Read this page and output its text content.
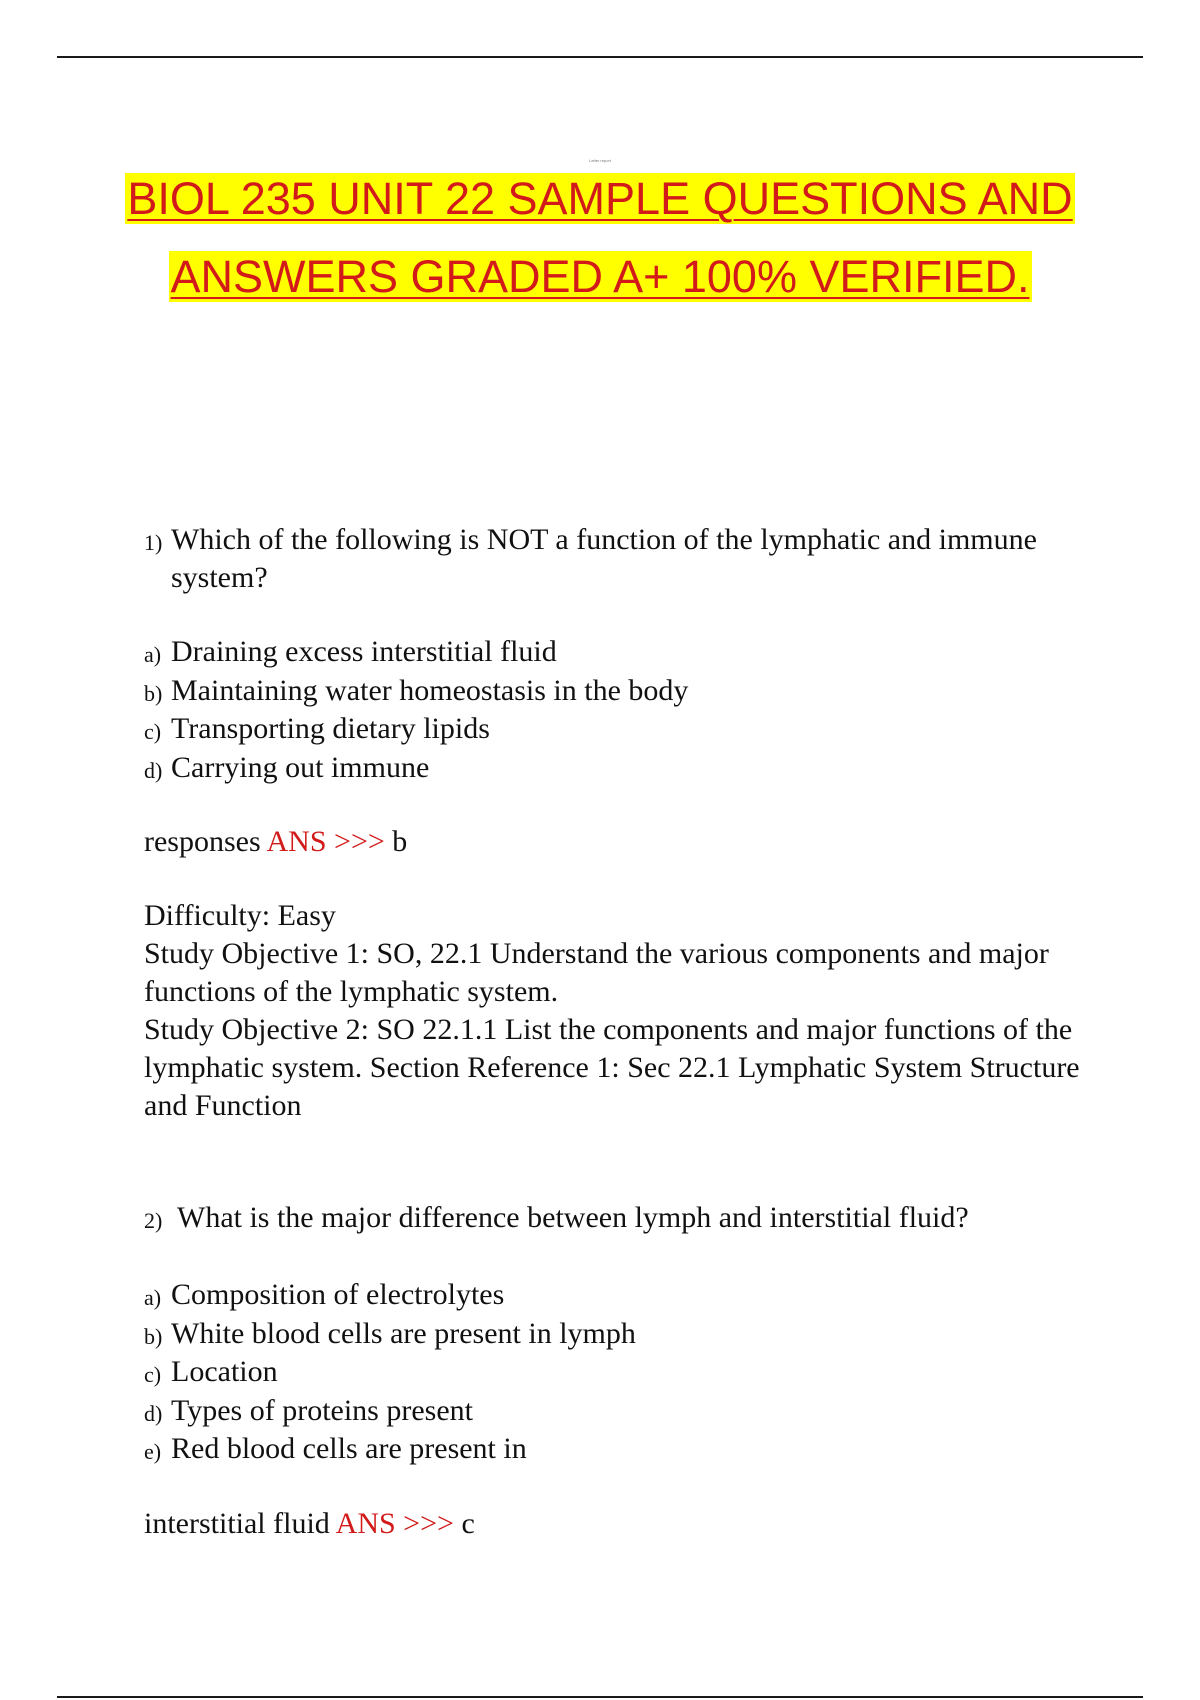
Letter report
BIOL 235 UNIT 22 SAMPLE QUESTIONS AND
ANSWERS GRADED A+ 100% VERIFIED.
1) Which of the following is NOT a function of the lymphatic and immune system?
a) Draining excess interstitial fluid
b) Maintaining water homeostasis in the body
c) Transporting dietary lipids
d) Carrying out immune
responses ANS >>> b

Difficulty: Easy

Study Objective 1: SO, 22.1 Understand the various components and major functions of the lymphatic system.

Study Objective 2: SO 22.1.1 List the components and major functions of the lymphatic system. Section Reference 1: Sec 22.1 Lymphatic System Structure and Function

2) What is the major difference between lymph and interstitial fluid?
a) Composition of electrolytes
b) White blood cells are present in lymph
c) Location
d) Types of proteins present
e) Red blood cells are present in
interstitial fluid ANS >>> c
